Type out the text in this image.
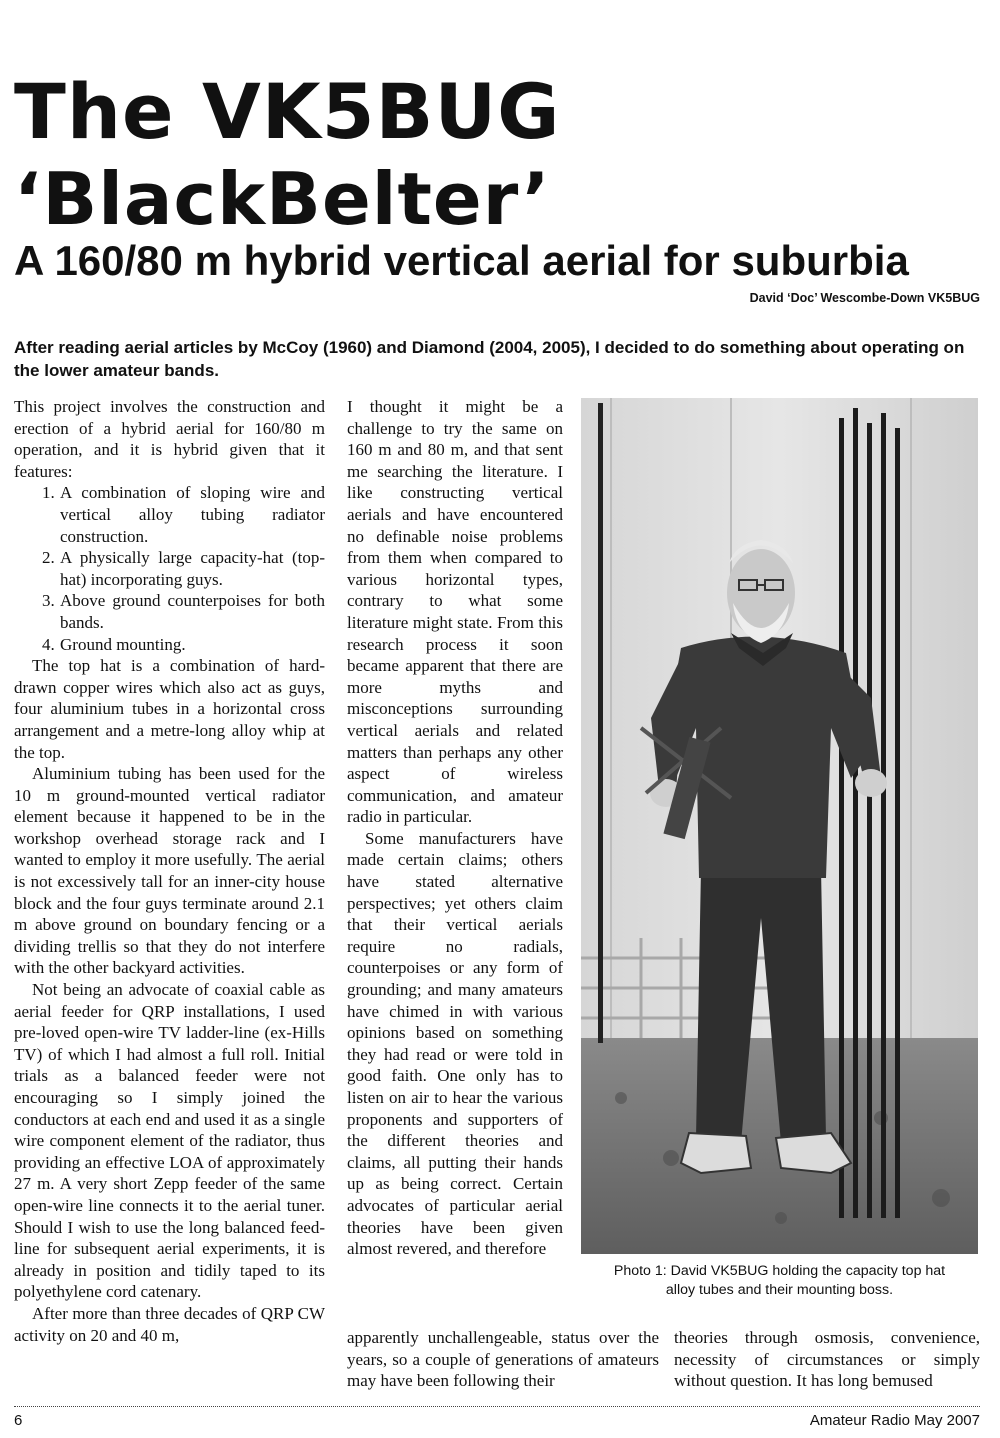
The VK5BUG
‘BlackBelter’
A 160/80 m hybrid vertical aerial for suburbia
David ‘Doc’ Wescombe-Down VK5BUG
After reading aerial articles by McCoy (1960) and Diamond (2004, 2005), I decided to do something about operating on the lower amateur bands.

This project involves the construction and erection of a hybrid aerial for 160/80 m operation, and it is hybrid given that it features:

1. A combination of sloping wire and vertical alloy tubing radiator construction.
2. A physically large capacity-hat (top-hat) incorporating guys.
3. Above ground counterpoises for both bands.
4. Ground mounting.

The top hat is a combination of hard-drawn copper wires which also act as guys, four aluminium tubes in a horizontal cross arrangement and a metre-long alloy whip at the top.

Aluminium tubing has been used for the 10 m ground-mounted vertical radiator element because it happened to be in the workshop overhead storage rack and I wanted to employ it more usefully. The aerial is not excessively tall for an inner-city house block and the four guys terminate around 2.1 m above ground on boundary fencing or a dividing trellis so that they do not interfere with the other backyard activities.

Not being an advocate of coaxial cable as aerial feeder for QRP installations, I used pre-loved open-wire TV ladder-line (ex-Hills TV) of which I had almost a full roll. Initial trials as a balanced feeder were not encouraging so I simply joined the conductors at each end and used it as a single wire component element of the radiator, thus providing an effective LOA of approximately 27 m. A very short Zepp feeder of the same open-wire line connects it to the aerial tuner. Should I wish to use the long balanced feed-line for subsequent aerial experiments, it is already in position and tidily taped to its polyethylene cord catenary.

After more than three decades of QRP CW activity on 20 and 40 m,

I thought it might be a challenge to try the same on 160 m and 80 m, and that sent me searching the literature. I like constructing vertical aerials and have encountered no definable noise problems from them when compared to various horizontal types, contrary to what some literature might state. From this research process it soon became apparent that there are more myths and misconceptions surrounding vertical aerials and related matters than perhaps any other aspect of wireless communication, and amateur radio in particular.

Some manufacturers have made certain claims; others have stated alternative perspectives; yet others claim that their vertical aerials require no radials, counterpoises or any form of grounding; and many amateurs have chimed in with various opinions based on something they had read or were told in good faith. One only has to listen on air to hear the various proponents and supporters of the different theories and claims, all putting their hands up as being correct. Certain advocates of particular aerial theories have been given almost revered, and therefore

Photo 1: David VK5BUG holding the capacity top hat
alloy tubes and their mounting boss.
apparently unchallengeable, status over the years, so a couple of generations of amateurs may have been following their
theories through osmosis, convenience, necessity of circumstances or simply without question. It has long bemused
6	Amateur Radio May 2007
